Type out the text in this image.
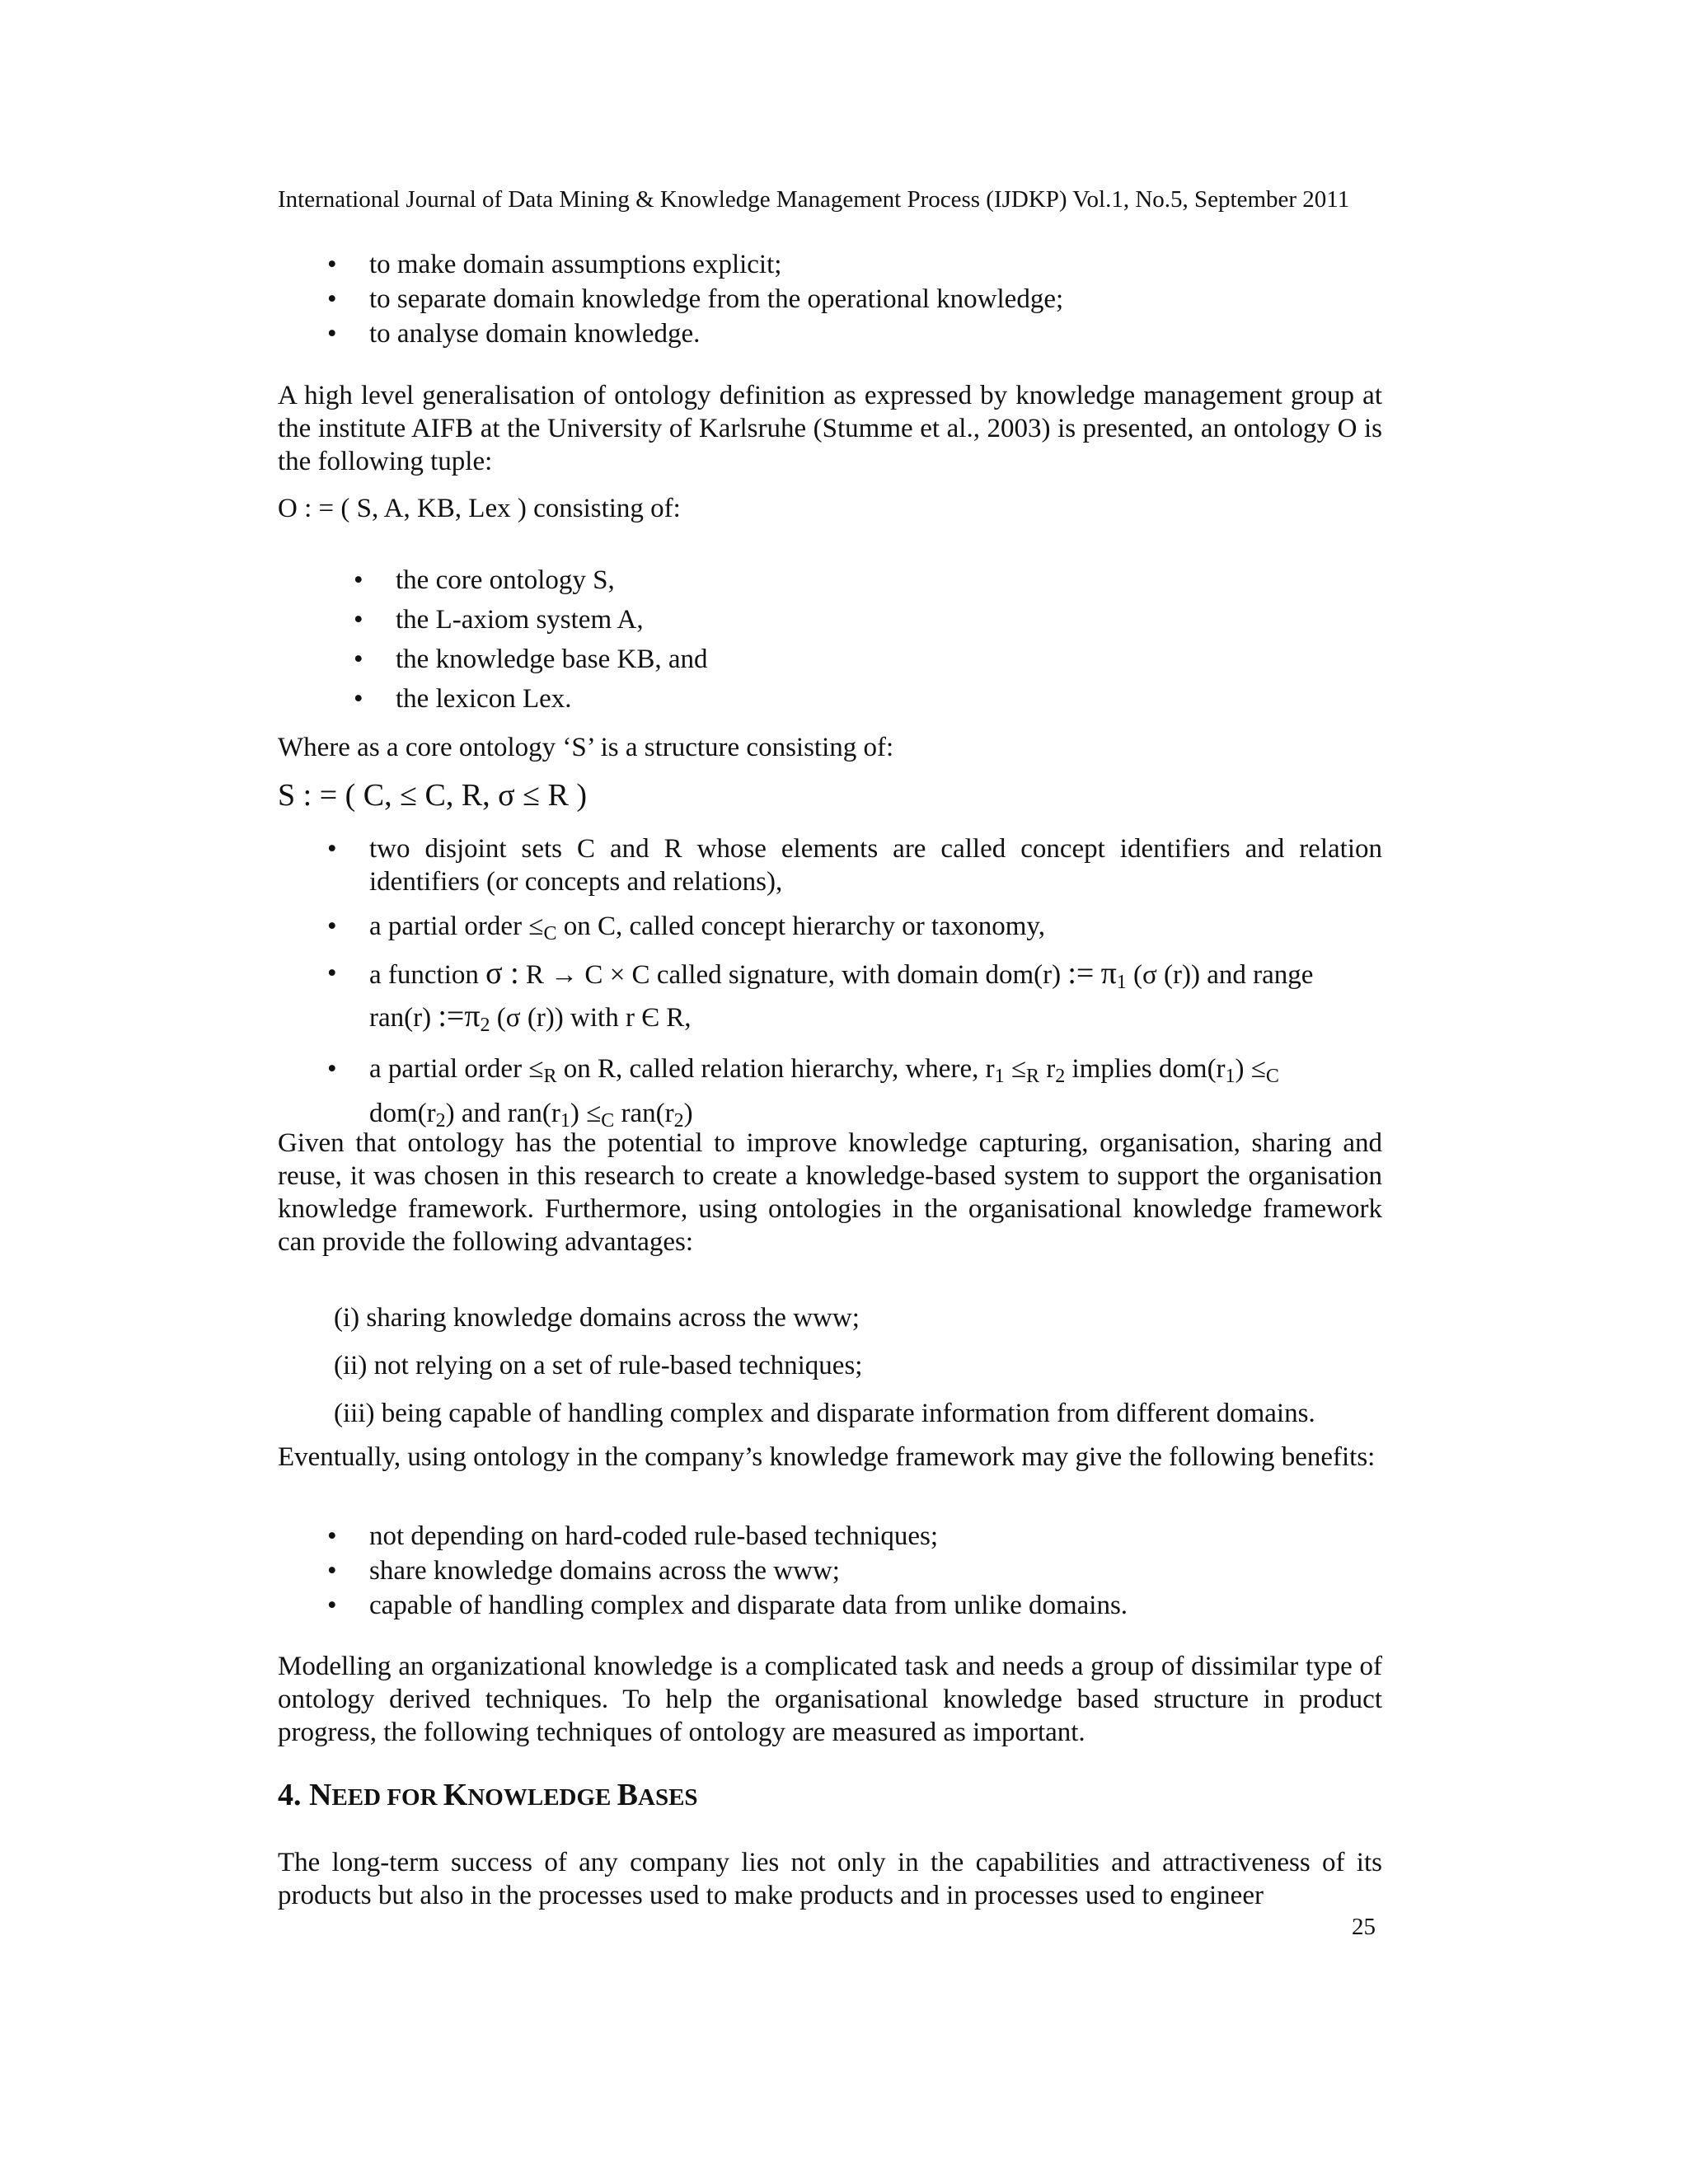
International Journal of Data Mining & Knowledge Management Process (IJDKP) Vol.1, No.5, September 2011
• to make domain assumptions explicit;
• to separate domain knowledge from the operational knowledge;
• to analyse domain knowledge.

A high level generalisation of ontology definition as expressed by knowledge management group at the institute AIFB at the University of Karlsruhe (Stumme et al., 2003) is presented, an ontology O is the following tuple:

O : = ( S, A, KB, Lex ) consisting of:
• the core ontology S,
• the L-axiom system A,
• the knowledge base KB, and
• the lexicon Lex.
Where as a core ontology ‘S’ is a structure consisting of:
S : = ( C, ≤ C, R, σ ≤ R )
• two disjoint sets C and R whose elements are called concept identifiers and relation identifiers (or concepts and relations),
• a partial order $\le_C$ on C, called concept hierarchy or taxonomy,
• a function σ : R → C × C called signature, with domain dom(r) := $\pi_1$ (σ (r)) and range
ran(r) $:=\pi_2$ (σ (r)) with r Є R,
• a partial order $\le_R$ on R, called relation hierarchy, where, $r_1 \le_R$ $r_2$ implies $dom(r_1) \le_C$
$dom(r_2)$ and $ran(r_1) \le_C$ $ran(r_2)$

Given that ontology has the potential to improve knowledge capturing, organisation, sharing and reuse, it was chosen in this research to create a knowledge-based system to support the organisation knowledge framework. Furthermore, using ontologies in the organisational knowledge framework can provide the following advantages:

(i) sharing knowledge domains across the www;
(ii) not relying on a set of rule-based techniques;
(iii) being capable of handling complex and disparate information from different domains.

Eventually, using ontology in the company’s knowledge framework may give the following benefits:

• not depending on hard-coded rule-based techniques;
• share knowledge domains across the www;
• capable of handling complex and disparate data from unlike domains.

Modelling an organizational knowledge is a complicated task and needs a group of dissimilar type of ontology derived techniques. To help the organisational knowledge based structure in product progress, the following techniques of ontology are measured as important.

4. NEED FOR KNOWLEDGE BASES

The long-term success of any company lies not only in the capabilities and attractiveness of its products but also in the processes used to make products and in processes used to engineer

25
